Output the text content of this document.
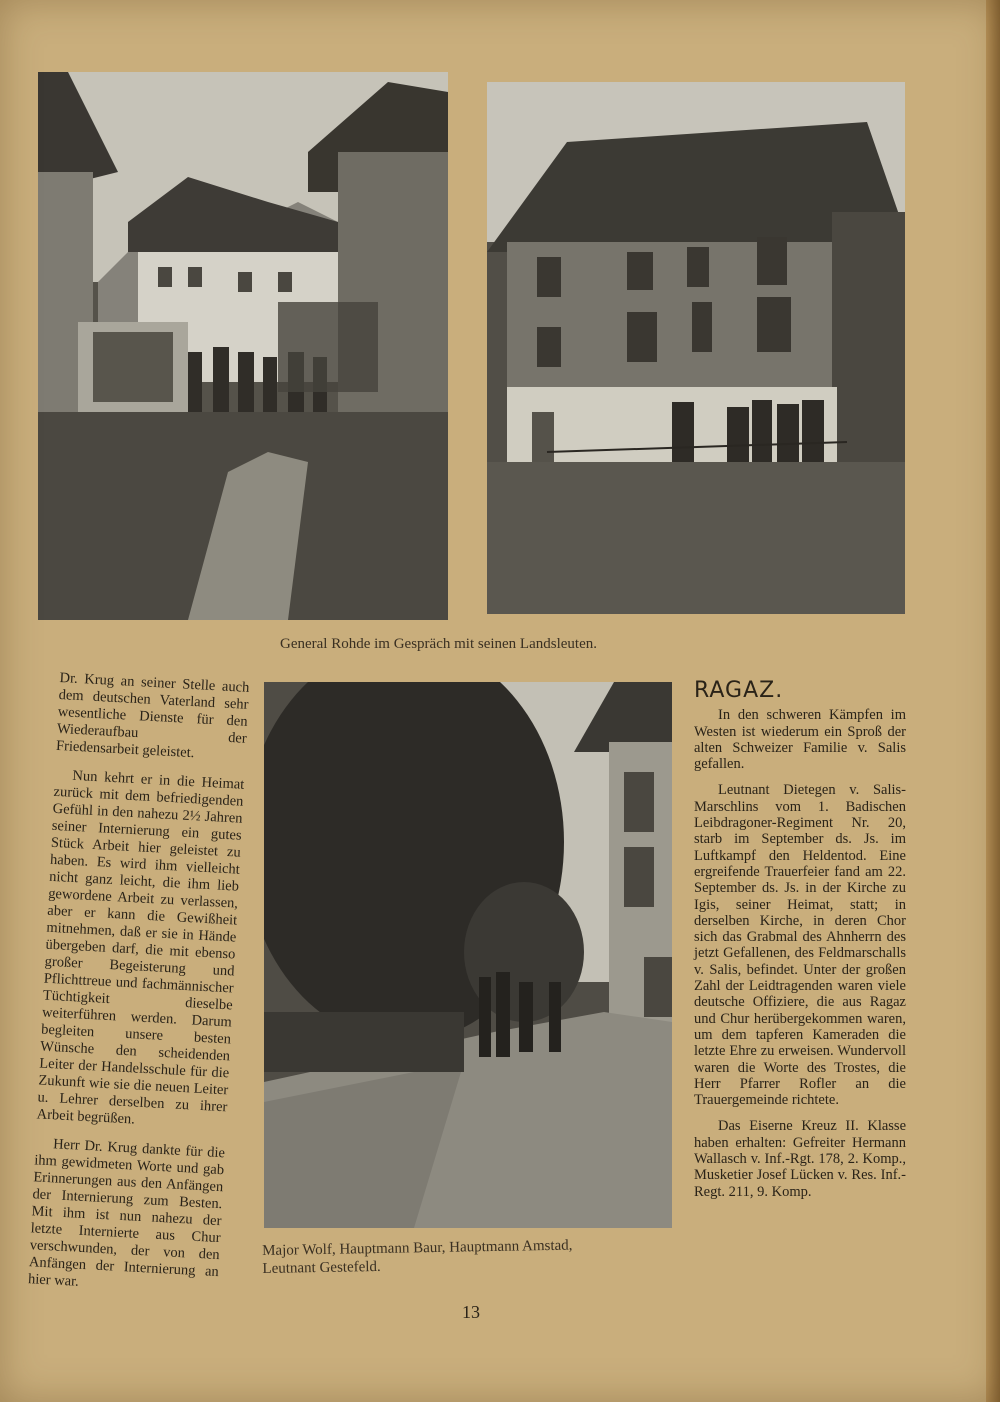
General Rohde im Gespräch mit seinen Landsleuten.
Major Wolf, Hauptmann Baur, Hauptmann Amstad,
Leutnant Gestefeld.

Dr. Krug an seiner Stelle auch dem deutschen Vaterland sehr wesentliche Dienste für den Wiederaufbau der Friedensarbeit geleistet.

Nun kehrt er in die Heimat zurück mit dem befriedigenden Gefühl in den nahezu 2½ Jahren seiner Internierung ein gutes Stück Arbeit hier geleistet zu haben. Es wird ihm vielleicht nicht ganz leicht, die ihm lieb gewordene Arbeit zu verlassen, aber er kann die Gewißheit mitnehmen, daß er sie in Hände übergeben darf, die mit ebenso großer Begeisterung und Pflichttreue und fachmännischer Tüchtigkeit dieselbe weiterführen werden. Darum begleiten unsere besten Wünsche den scheidenden Leiter der Handelsschule für die Zukunft wie sie die neuen Leiter u. Lehrer derselben zu ihrer Arbeit begrüßen.

Herr Dr. Krug dankte für die ihm gewidmeten Worte und gab Erinnerungen aus den Anfängen der Internierung zum Besten. Mit ihm ist nun nahezu der letzte Internierte aus Chur verschwunden, der von den Anfängen der Internierung an hier war.

RAGAZ.

In den schweren Kämpfen im Westen ist wiederum ein Sproß der alten Schweizer Familie v. Salis gefallen.

Leutnant Dietegen v. Salis-Marschlins vom 1. Badischen Leibdragoner-Regiment Nr. 20, starb im September ds. Js. im Luftkampf den Heldentod. Eine ergreifende Trauerfeier fand am 22. September ds. Js. in der Kirche zu Igis, seiner Heimat, statt; in derselben Kirche, in deren Chor sich das Grabmal des Ahnherrn des jetzt Gefallenen, des Feldmarschalls v. Salis, befindet. Unter der großen Zahl der Leidtragenden waren viele deutsche Offiziere, die aus Ragaz und Chur herübergekommen waren, um dem tapferen Kameraden die letzte Ehre zu erweisen. Wundervoll waren die Worte des Trostes, die Herr Pfarrer Rofler an die Trauergemeinde richtete.

Das Eiserne Kreuz II. Klasse haben erhalten: Gefreiter Hermann Wallasch v. Inf.-Rgt. 178, 2. Komp., Musketier Josef Lücken v. Res. Inf.-Regt. 211, 9. Komp.

13
